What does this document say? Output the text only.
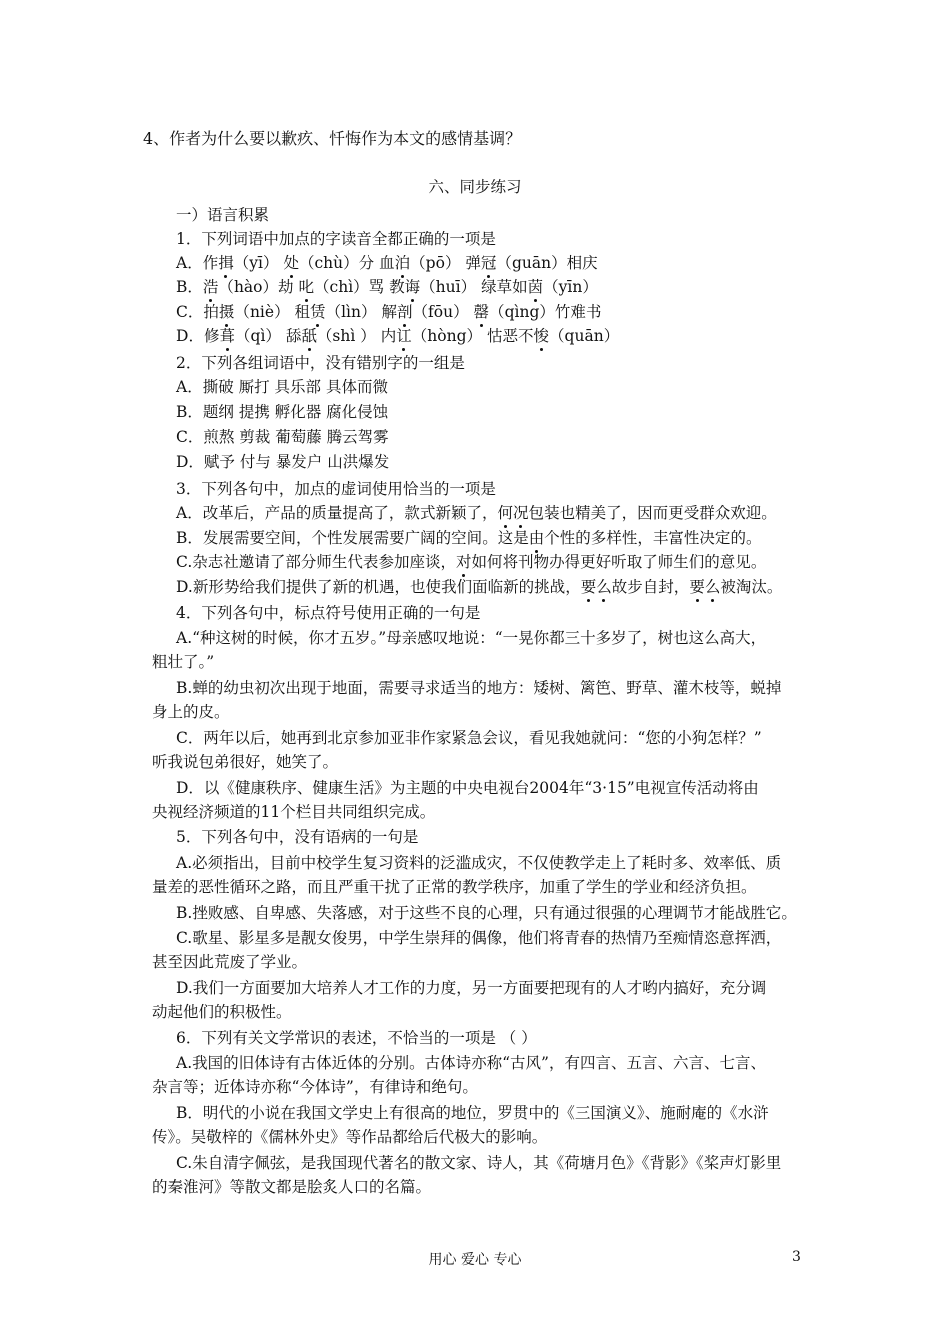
4、作者为什么要以歉疚、忏悔作为本文的感情基调？
六、同步练习
一）语言积累
1．下列词语中加点的字读音全都正确的一项是
A．作揖（yī） 处（chù）分 血泊（pō） 弹冠（guān）相庆
B．浩（hào）劫 叱（chì）骂 教诲（huī） 绿草如茵（yīn）
C．拍摄（niè） 租赁（lìn） 解剖（fōu） 罄（qìng）竹难书
D．修葺（qì） 舔舐（shì ） 内讧（hòng） 怙恶不悛（quān）
2．下列各组词语中，没有错别字的一组是
A．撕破 厮打 具乐部 具体而微
B．题纲 提携 孵化器 腐化侵蚀
C．煎熬 剪裁 葡萄藤 腾云驾雾
D．赋予 付与 暴发户 山洪爆发
3．下列各句中，加点的虚词使用恰当的一项是
A．改革后，产品的质量提高了，款式新颖了，何况包装也精美了，因而更受群众欢迎。
B．发展需要空间，个性发展需要广阔的空间。这是由个性的多样性，丰富性决定的。
C.杂志社邀请了部分师生代表参加座谈，对如何将刊物办得更好听取了师生们的意见。
D.新形势给我们提供了新的机遇，也使我们面临新的挑战，要么故步自封，要么被淘汰。
4．下列各句中，标点符号使用正确的一句是
A.“种这树的时候，你才五岁。”母亲感叹地说：“一晃你都三十多岁了，树也这么高大，
粗壮了。”
B.蝉的幼虫初次出现于地面，需要寻求适当的地方：矮树、篱笆、野草、灌木枝等，蜕掉
身上的皮。
C．两年以后，她再到北京参加亚非作家紧急会议，看见我她就问：“您的小狗怎样？”
听我说包弟很好，她笑了。
D．以《健康秩序、健康生活》为主题的中央电视台2004年“3·15”电视宣传活动将由
央视经济频道的11个栏目共同组织完成。
5．下列各句中，没有语病的一句是
A.必须指出，目前中校学生复习资料的泛滥成灾，不仅使教学走上了耗时多、效率低、质
量差的恶性循环之路，而且严重干扰了正常的教学秩序，加重了学生的学业和经济负担。
B.挫败感、自卑感、失落感，对于这些不良的心理，只有通过很强的心理调节才能战胜它。
C.歌星、影星多是靓女俊男，中学生崇拜的偶像，他们将青春的热情乃至痴情恣意挥洒，
甚至因此荒废了学业。
D.我们一方面要加大培养人才工作的力度，另一方面要把现有的人才哟内搞好，充分调
动起他们的积极性。
6．下列有关文学常识的表述，不恰当的一项是 （ ）
A.我国的旧体诗有古体近体的分别。古体诗亦称“古风”，有四言、五言、六言、七言、
杂言等；近体诗亦称“今体诗”，有律诗和绝句。
B．明代的小说在我国文学史上有很高的地位，罗贯中的《三国演义》、施耐庵的《水浒
传》。吴敬梓的《儒林外史》等作品都给后代极大的影响。
C.朱自清字佩弦，是我国现代著名的散文家、诗人，其《荷塘月色》《背影》《桨声灯影里
的秦淮河》等散文都是脍炙人口的名篇。
用心 爱心 专心	3
